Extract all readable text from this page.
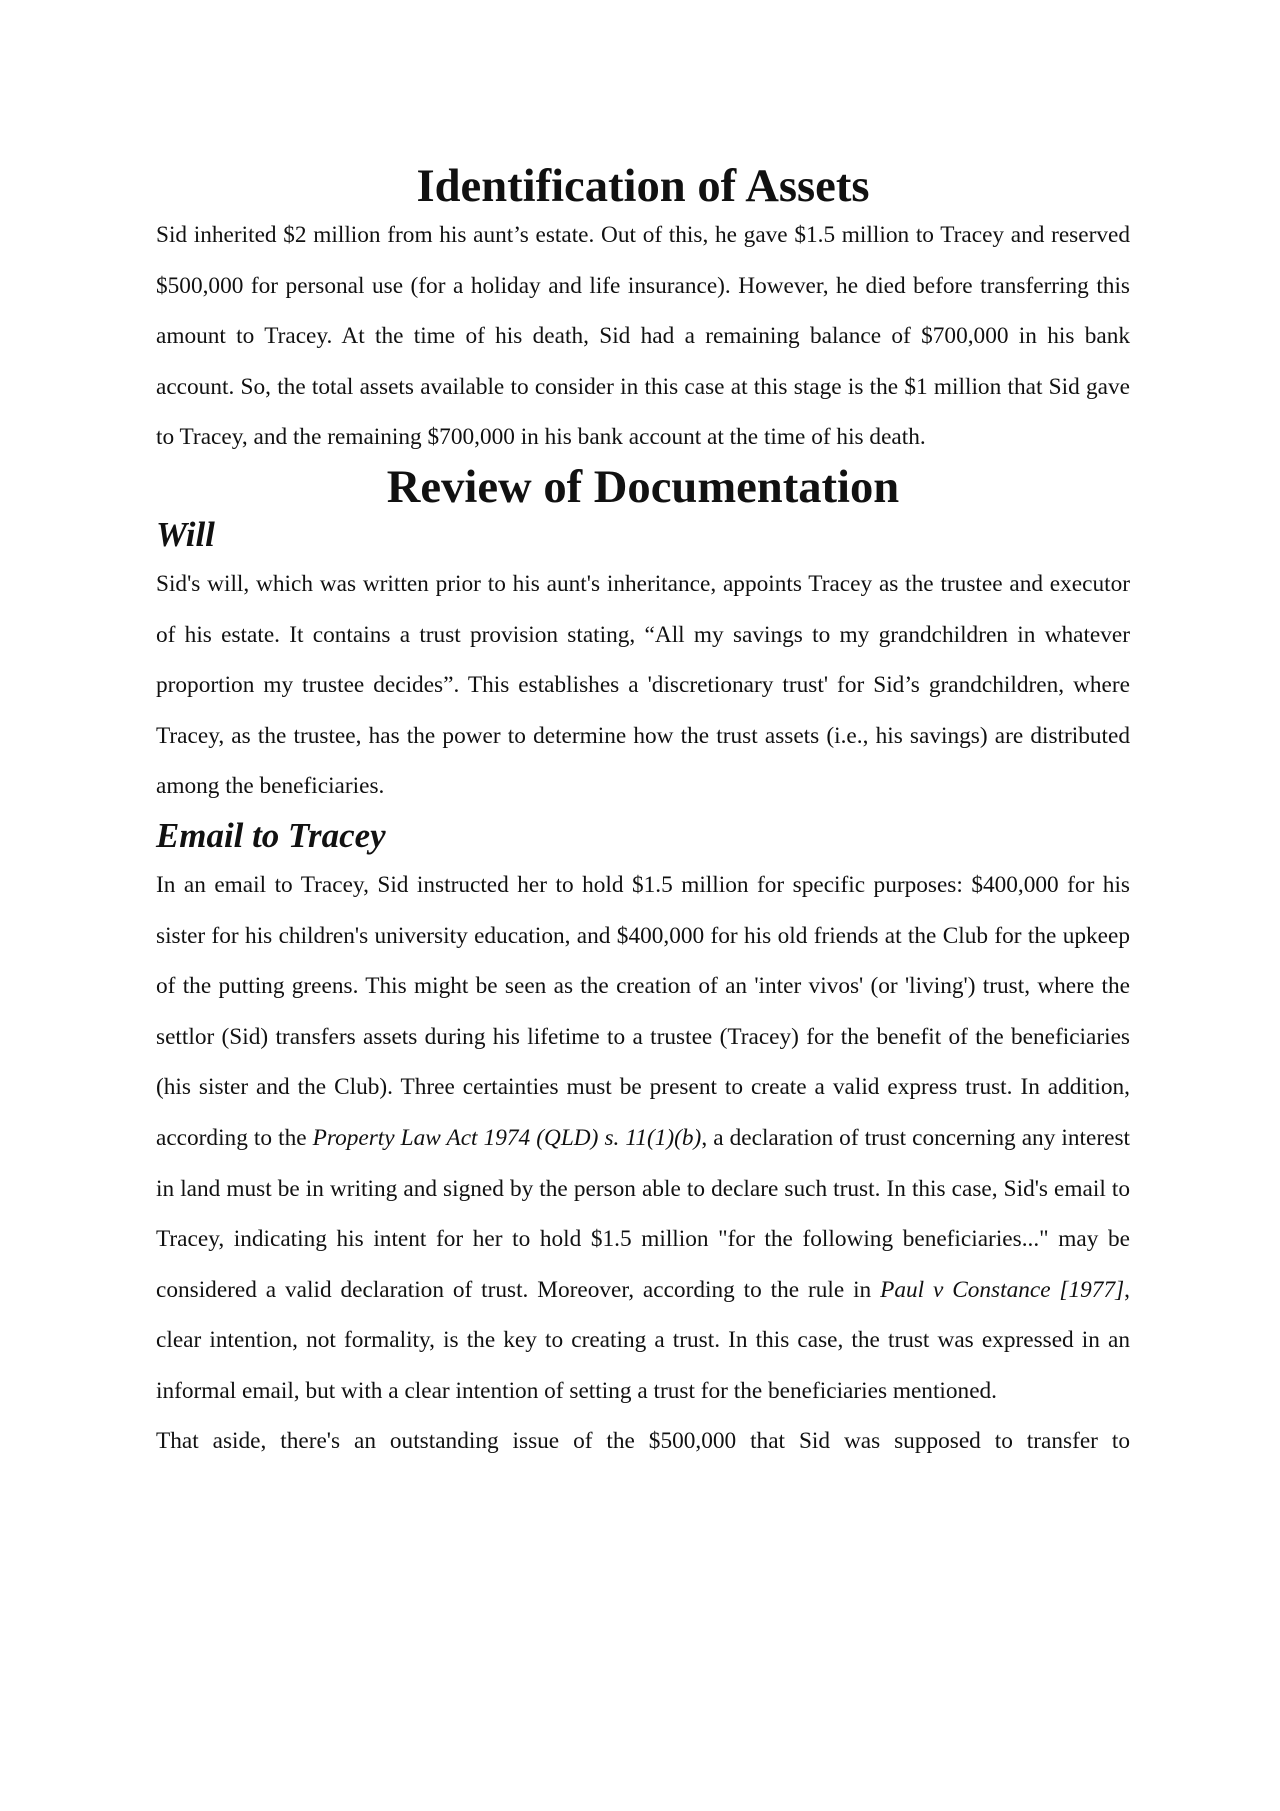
Identification of Assets

Sid inherited $2 million from his aunt’s estate. Out of this, he gave $1.5 million to Tracey and reserved $500,000 for personal use (for a holiday and life insurance). However, he died before transferring this amount to Tracey. At the time of his death, Sid had a remaining balance of $700,000 in his bank account. So, the total assets available to consider in this case at this stage is the $1 million that Sid gave to Tracey, and the remaining $700,000 in his bank account at the time of his death.

Review of Documentation
Will

Sid's will, which was written prior to his aunt's inheritance, appoints Tracey as the trustee and executor of his estate. It contains a trust provision stating, “All my savings to my grandchildren in whatever proportion my trustee decides”. This establishes a 'discretionary trust' for Sid’s grandchildren, where Tracey, as the trustee, has the power to determine how the trust assets (i.e., his savings) are distributed among the beneficiaries.

Email to Tracey

In an email to Tracey, Sid instructed her to hold $1.5 million for specific purposes: $400,000 for his sister for his children's university education, and $400,000 for his old friends at the Club for the upkeep of the putting greens. This might be seen as the creation of an 'inter vivos' (or 'living') trust, where the settlor (Sid) transfers assets during his lifetime to a trustee (Tracey) for the benefit of the beneficiaries (his sister and the Club). Three certainties must be present to create a valid express trust. In addition, according to the Property Law Act 1974 (QLD) s. 11(1)(b), a declaration of trust concerning any interest in land must be in writing and signed by the person able to declare such trust. In this case, Sid's email to Tracey, indicating his intent for her to hold $1.5 million "for the following beneficiaries..." may be considered a valid declaration of trust. Moreover, according to the rule in Paul v Constance [1977], clear intention, not formality, is the key to creating a trust. In this case, the trust was expressed in an informal email, but with a clear intention of setting a trust for the beneficiaries mentioned.

That aside, there's an outstanding issue of the $500,000 that Sid was supposed to transfer to
